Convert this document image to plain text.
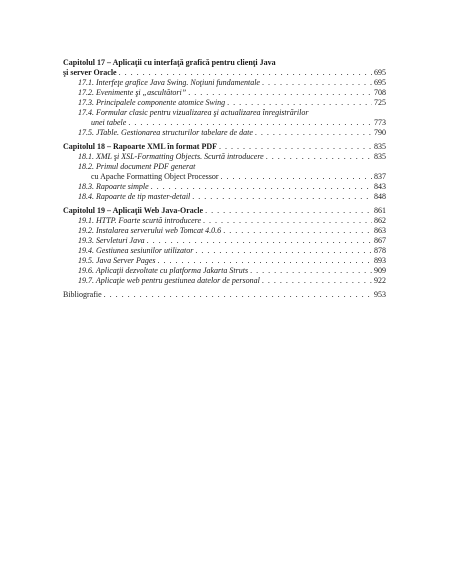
Capitolul 17 – Aplicaţii cu interfaţă grafică pentru clienţi Java
şi server Oracle . . .	695
17.1. Interfeţe grafice Java Swing. Noţiuni fundamentale . . .	695
17.2. Evenimente şi „ascultători” . . .	708
17.3. Principalele componente atomice Swing . . .	725
17.4. Formular clasic pentru vizualizarea şi actualizarea înregistrărilor
unei tabele . . .	773
17.5. JTable. Gestionarea structurilor tabelare de date . . .	790
Capitolul 18 – Rapoarte XML în format PDF . . .	835
18.1. XML şi XSL-Formatting Objects. Scurtă introducere . . .	835
18.2. Primul document PDF generat
cu Apache Formatting Object Processor . . .	837
18.3. Rapoarte simple . . .	843
18.4. Rapoarte de tip master-detail . . .	848
Capitolul 19 – Aplicaţii Web Java-Oracle . . .	861
19.1. HTTP. Foarte scurtă introducere . . .	862
19.2. Instalarea serverului web Tomcat 4.0.6 . . .	863
19.3. Servleturi Java . . .	867
19.4. Gestiunea sesiunilor utilizator . . .	878
19.5. Java Server Pages . . .	893
19.6. Aplicaţii dezvoltate cu platforma Jakarta Struts . . .	909
19.7. Aplicaţie web pentru gestiunea datelor de personal . . .	922
Bibliografie . . .	953
